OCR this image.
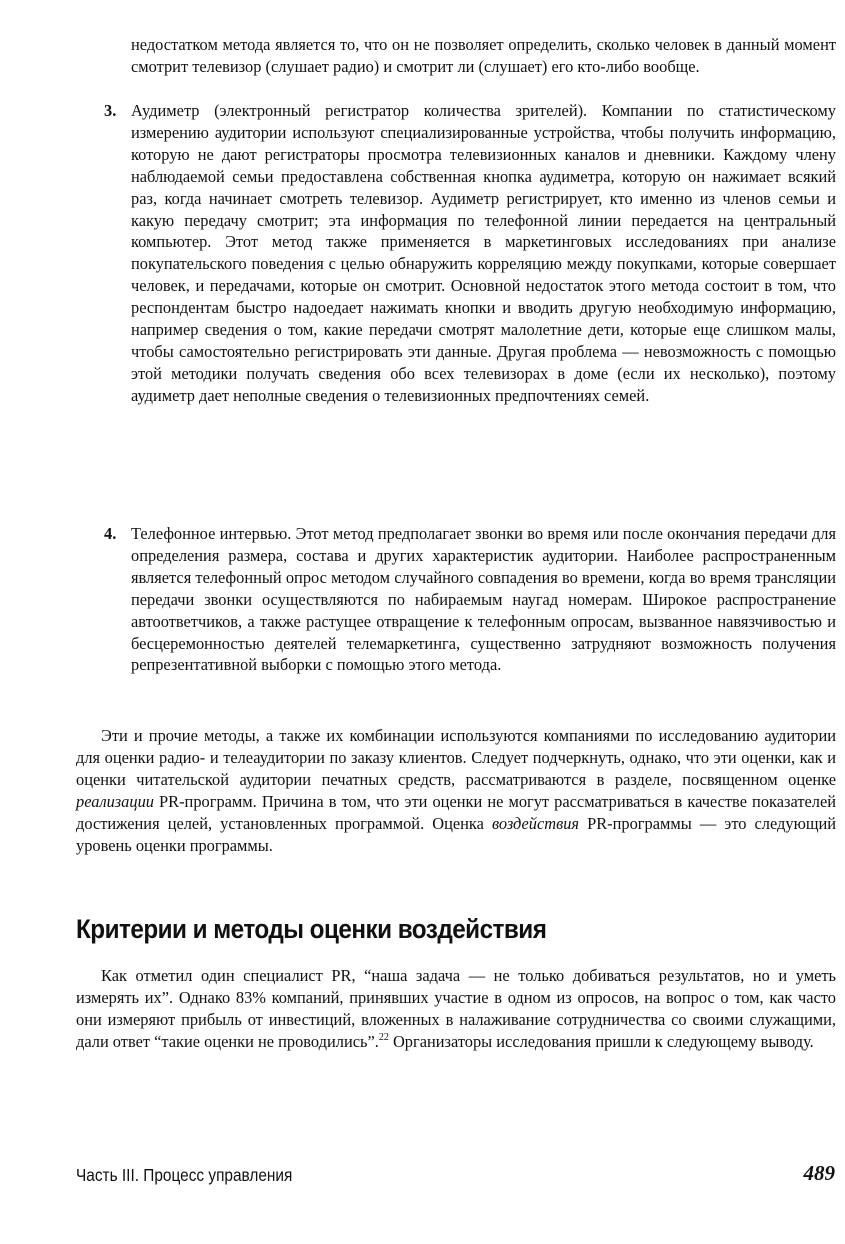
недостатком метода является то, что он не позволяет определить, сколько человек в данный момент смотрит телевизор (слушает радио) и смотрит ли (слушает) его кто-либо вообще.
3. Аудиметр (электронный регистратор количества зрителей). Компании по статистическому измерению аудитории используют специализированные устройства, чтобы получить информацию, которую не дают регистраторы просмотра телевизионных каналов и дневники. Каждому члену наблюдаемой семьи предоставлена собственная кнопка аудиметра, которую он нажимает всякий раз, когда начинает смотреть телевизор. Аудиметр регистрирует, кто именно из членов семьи и какую передачу смотрит; эта информация по телефонной линии передается на центральный компьютер. Этот метод также применяется в маркетинговых исследованиях при анализе покупательского поведения с целью обнаружить корреляцию между покупками, которые совершает человек, и передачами, которые он смотрит. Основной недостаток этого метода состоит в том, что респондентам быстро надоедает нажимать кнопки и вводить другую необходимую информацию, например сведения о том, какие передачи смотрят малолетние дети, которые еще слишком малы, чтобы самостоятельно регистрировать эти данные. Другая проблема — невозможность с помощью этой методики получать сведения обо всех телевизорах в доме (если их несколько), поэтому аудиметр дает неполные сведения о телевизионных предпочтениях семей.
4. Телефонное интервью. Этот метод предполагает звонки во время или после окончания передачи для определения размера, состава и других характеристик аудитории. Наиболее распространенным является телефонный опрос методом случайного совпадения во времени, когда во время трансляции передачи звонки осуществляются по набираемым наугад номерам. Широкое распространение автоответчиков, а также растущее отвращение к телефонным опросам, вызванное навязчивостью и бесцеремонностью деятелей телемаркетинга, существенно затрудняют возможность получения репрезентативной выборки с помощью этого метода.
Эти и прочие методы, а также их комбинации используются компаниями по исследованию аудитории для оценки радио- и телеаудитории по заказу клиентов. Следует подчеркнуть, однако, что эти оценки, как и оценки читательской аудитории печатных средств, рассматриваются в разделе, посвященном оценке реализации PR-программ. Причина в том, что эти оценки не могут рассматриваться в качестве показателей достижения целей, установленных программой. Оценка воздействия PR-программы — это следующий уровень оценки программы.
Критерии и методы оценки воздействия
Как отметил один специалист PR, “наша задача — не только добиваться результатов, но и уметь измерять их”. Однако 83% компаний, принявших участие в одном из опросов, на вопрос о том, как часто они измеряют прибыль от инвестиций, вложенных в налаживание сотрудничества со своими служащими, дали ответ “такие оценки не проводились”.$^{22}$ Организаторы исследования пришли к следующему выводу.
Часть III. Процесс управления	489
